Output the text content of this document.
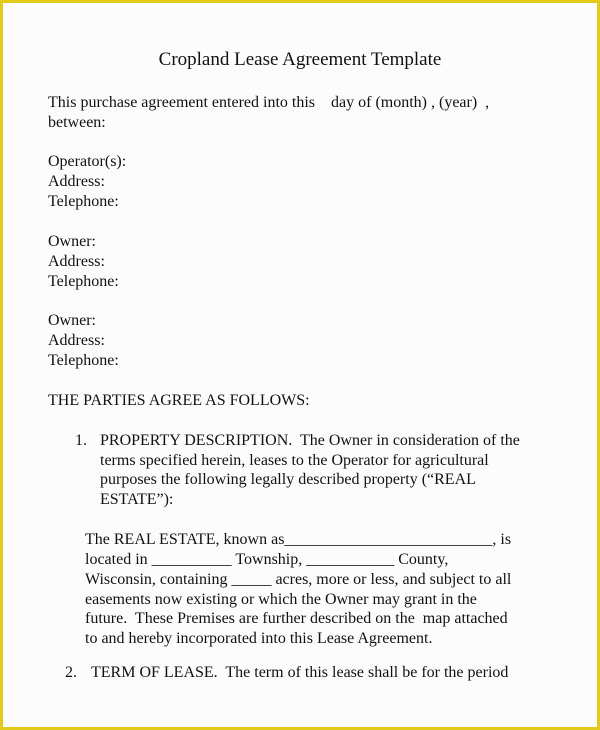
Cropland Lease Agreement Template
This purchase agreement entered into this    day of (month) , (year)  ,
between:
Operator(s):
Address:
Telephone:
Owner:
Address:
Telephone:
Owner:
Address:
Telephone:
THE PARTIES AGREE AS FOLLOWS:
1. PROPERTY DESCRIPTION.  The Owner in consideration of the
terms specified herein, leases to the Operator for agricultural
purposes the following legally described property (“REAL
ESTATE”):
The REAL ESTATE, known as__________________________, is
located in __________ Township, ___________ County,
Wisconsin, containing _____ acres, more or less, and subject to all
easements now existing or which the Owner may grant in the
future.  These Premises are further described on the  map attached
to and hereby incorporated into this Lease Agreement.
2. TERM OF LEASE.  The term of this lease shall be for the period
